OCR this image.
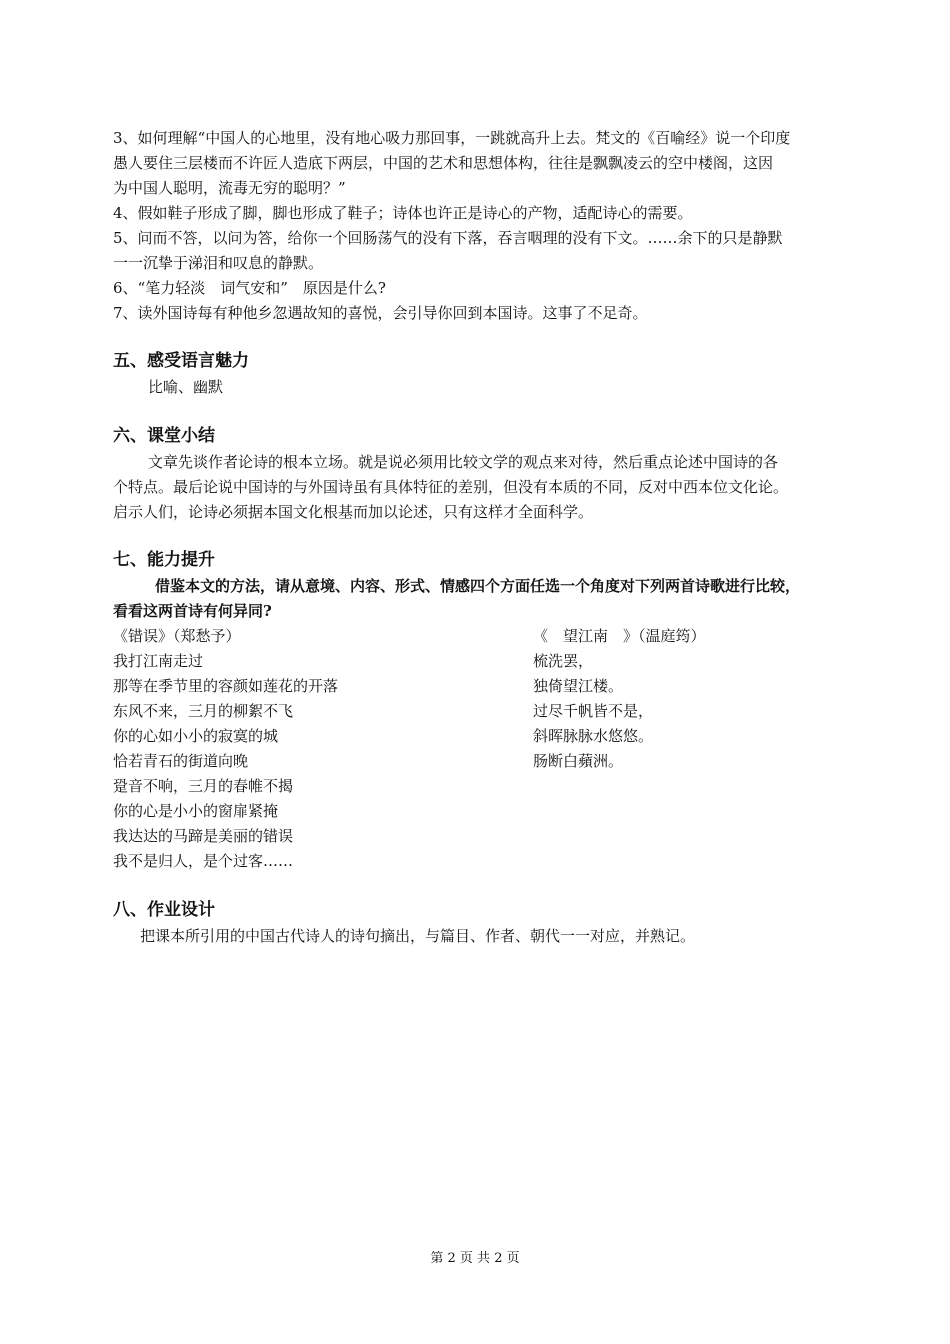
3、如何理解“中国人的心地里，没有地心吸力那回事，一跳就高升上去。梵文的《百喻经》说一个印度
愚人要住三层楼而不许匠人造底下两层，中国的艺术和思想体构，往往是飘飘凌云的空中楼阁，这因
为中国人聪明，流毒无穷的聪明？”
4、假如鞋子形成了脚，脚也形成了鞋子；诗体也许正是诗心的产物，适配诗心的需要。
5、问而不答，以问为答，给你一个回肠荡气的没有下落，吞言咽理的没有下文。……余下的只是静默
一一沉挚于涕泪和叹息的静默。
6、“笔力轻淡　词气安和”　原因是什么?
7、读外国诗每有种他乡忽遇故知的喜悦，会引导你回到本国诗。这事了不足奇。
五、感受语言魅力
比喻、幽默
六、课堂小结
文章先谈作者论诗的根本立场。就是说必须用比较文学的观点来对待，然后重点论述中国诗的各
个特点。最后论说中国诗的与外国诗虽有具体特征的差别，但没有本质的不同，反对中西本位文化论。
启示人们，论诗必须据本国文化根基而加以论述，只有这样才全面科学。
七、能力提升
借鉴本文的方法，请从意境、内容、形式、情感四个方面任选一个角度对下列两首诗歌进行比较，
看看这两首诗有何异同?
《错误》（郑愁予）
我打江南走过
那等在季节里的容颜如莲花的开落
东风不来，三月的柳絮不飞
你的心如小小的寂寞的城
恰若青石的街道向晚
跫音不响，三月的春帷不揭
你的心是小小的窗扉紧掩
我达达的马蹄是美丽的错误
我不是归人，是个过客……
《　望江南　》（温庭筠）
梳洗罢，
独倚望江楼。
过尽千帆皆不是，
斜晖脉脉水悠悠。
肠断白蘋洲。
八、作业设计
把课本所引用的中国古代诗人的诗句摘出，与篇目、作者、朝代一一对应，并熟记。
第 2 页 共 2 页
